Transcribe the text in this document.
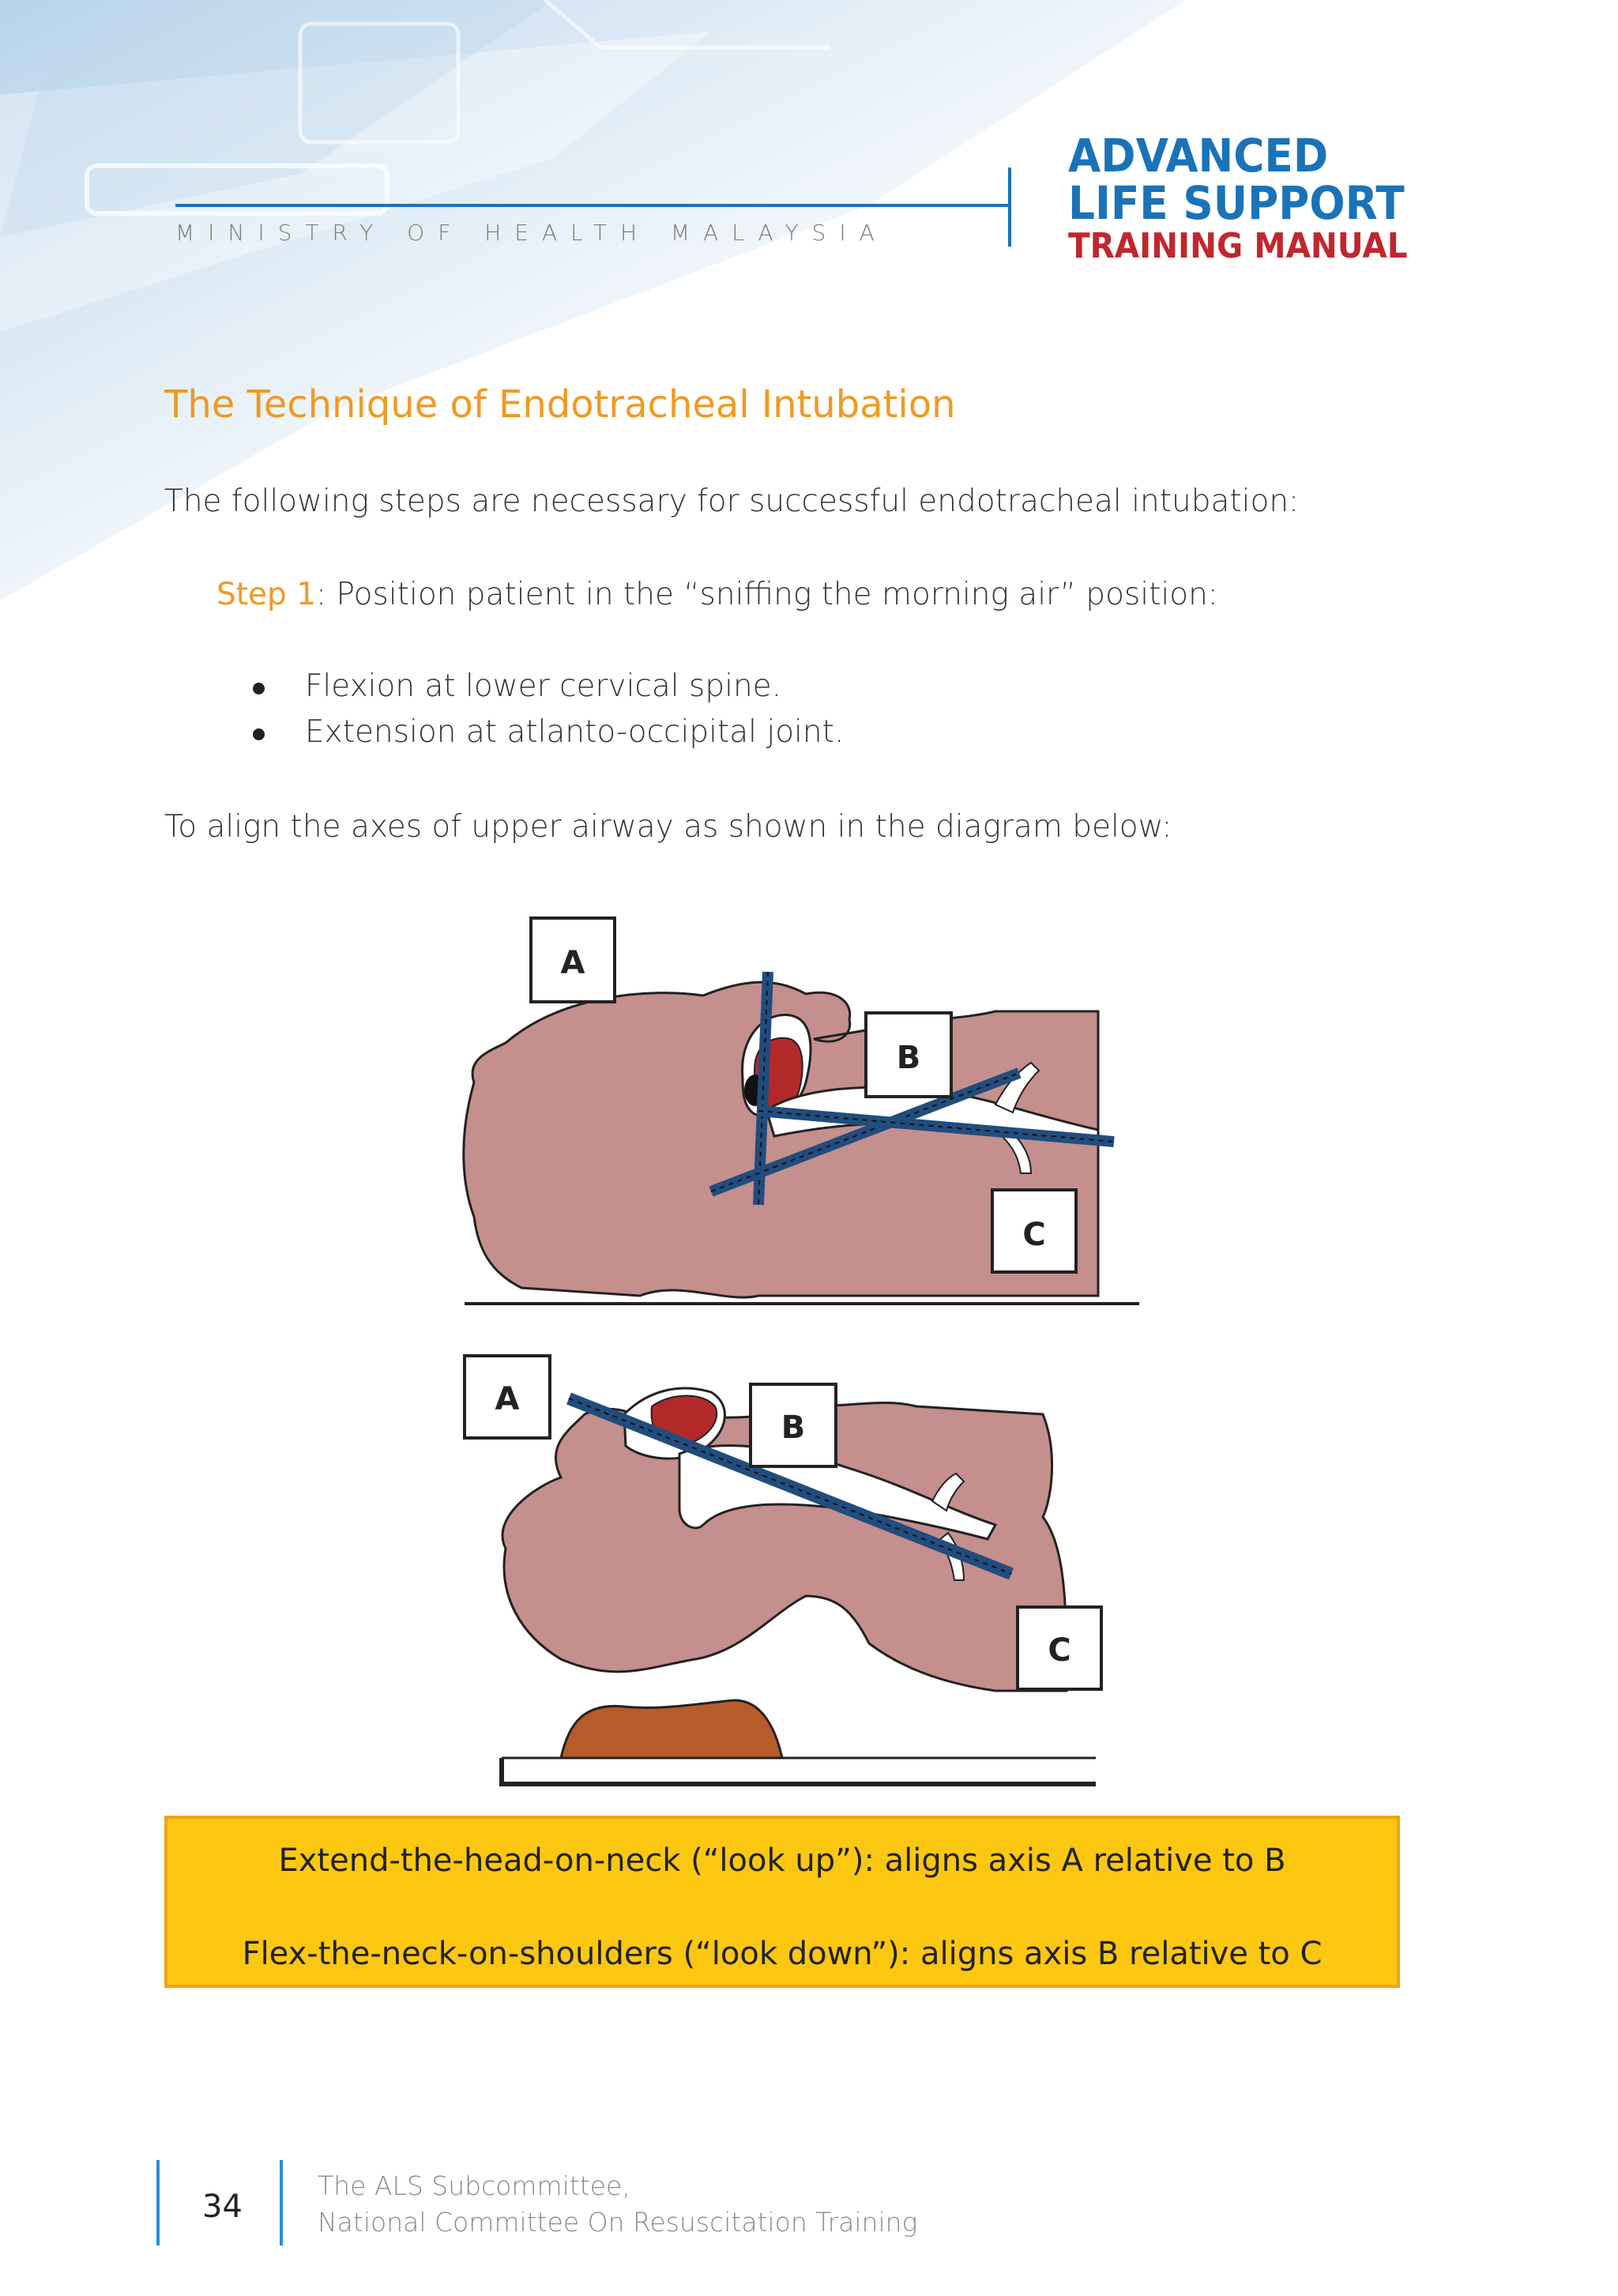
MINISTRY OF HEALTH MALAYSIA
ADVANCED
LIFE SUPPORT
TRAINING MANUAL
The Technique of Endotracheal Intubation
The following steps are necessary for successful endotracheal intubation:
Step 1: Position patient in the “sniffing the morning air” position:
Flexion at lower cervical spine.
Extension at atlanto-occipital joint.
To align the axes of upper airway as shown in the diagram below:
A
B
C
A
B
C
Extend-the-head-on-neck (“look up”): aligns axis A relative to B
Flex-the-neck-on-shoulders (“look down”): aligns axis B relative to C
34
The ALS Subcommittee,
National Committee On Resuscitation Training
